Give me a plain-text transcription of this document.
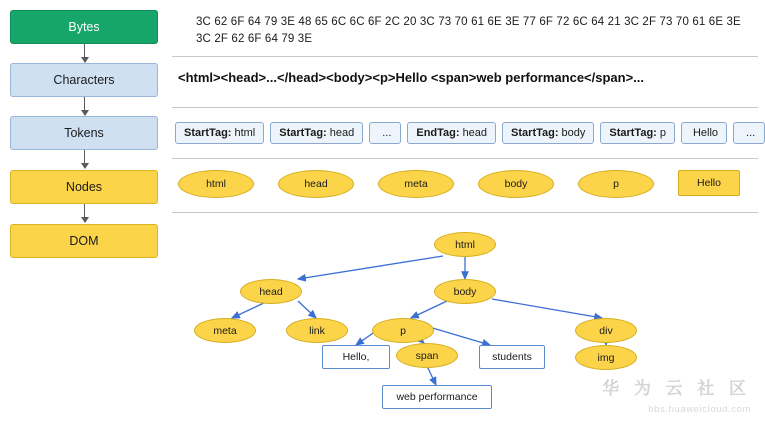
Bytes
Characters
Tokens
Nodes
DOM
3C 62 6F 64 79 3E 48 65 6C 6C 6F 2C 20 3C 73 70 61 6E 3E 77 6F 72 6C 64 21 3C 2F 73 70 61 6E 3E 3C 2F 62 6F 64 79 3E
<html><head>...</head><body><p>Hello <span>web performance</span>...
StartTag: html StartTag: head	... EndTag: head StartTag: body StartTag: p Hello	...
html	head	meta	body	p	Hello
html
head	body
meta	link	p	div
Hello,	span	students	img
web performance	华 为 云 社 区
bbs.huaweicloud.com
